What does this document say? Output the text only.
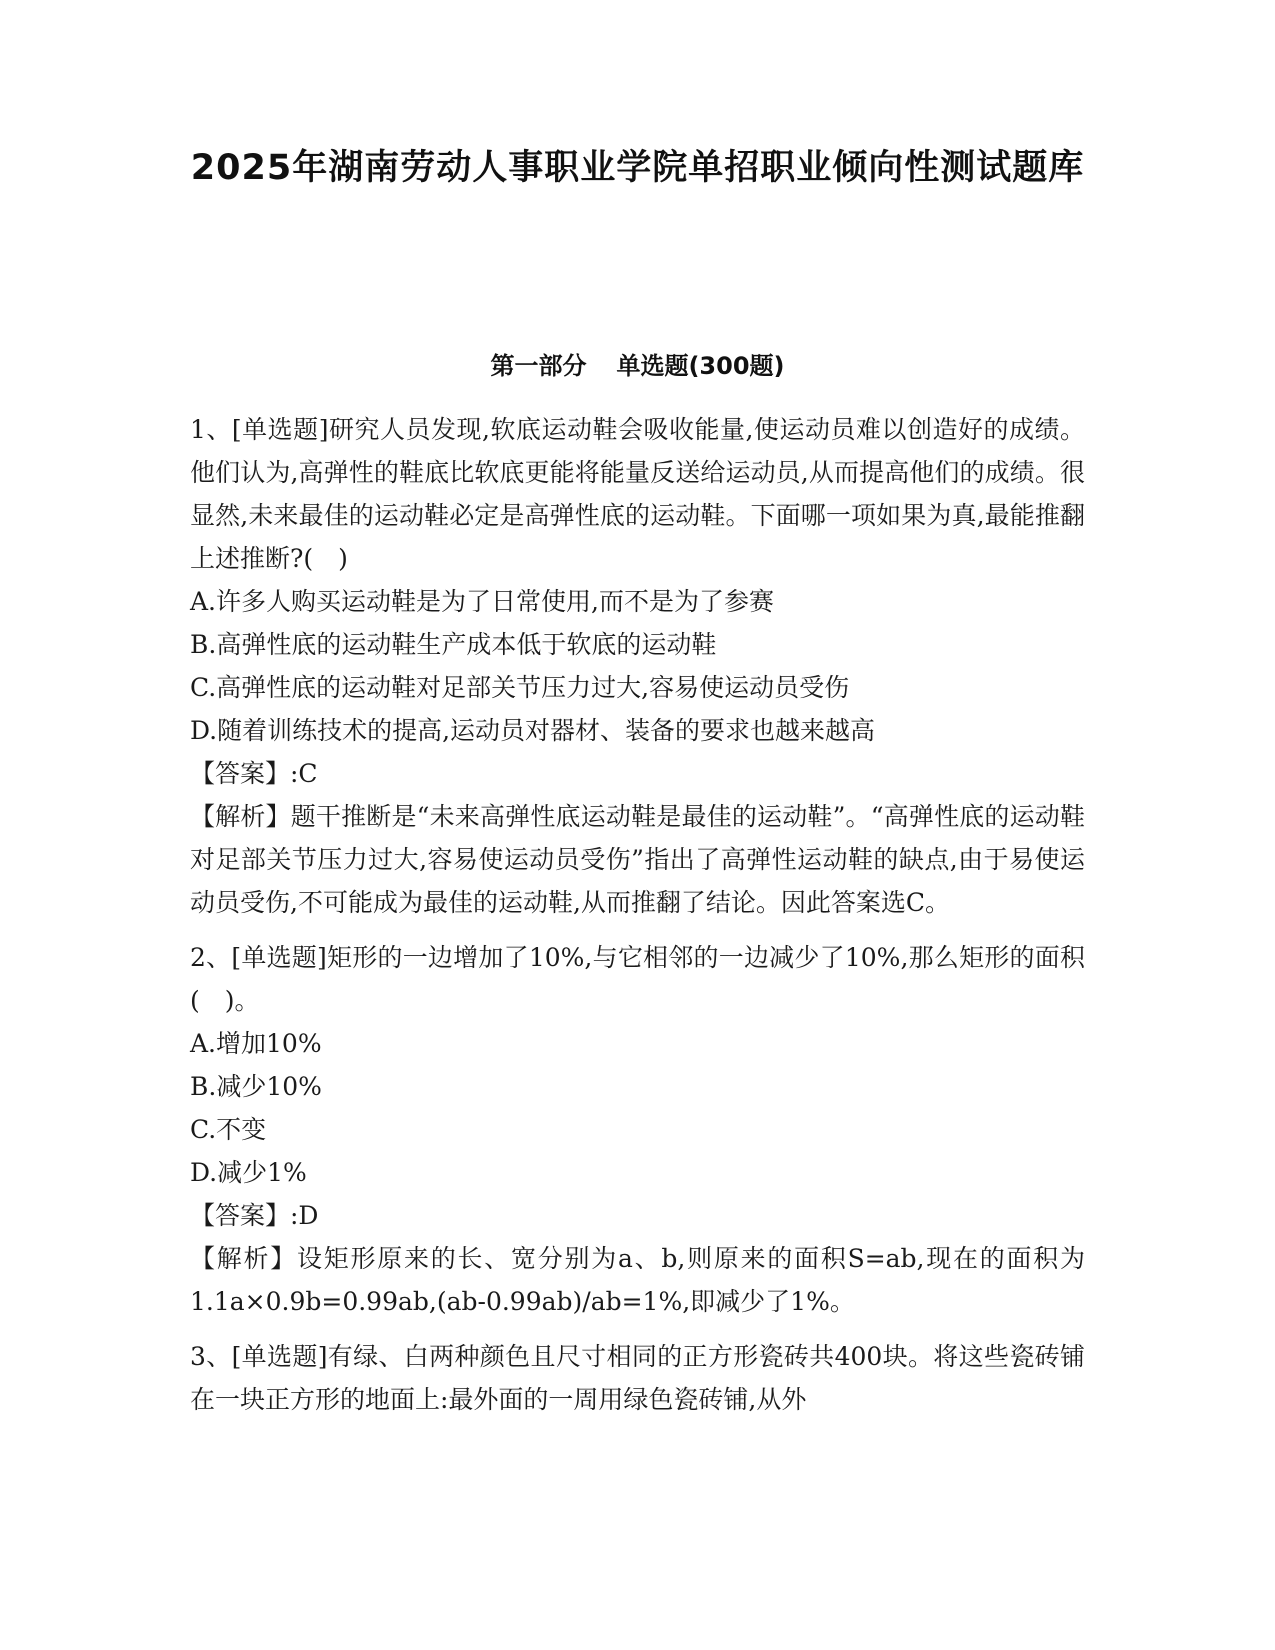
2025年湖南劳动人事职业学院单招职业倾向性测试题库
第一部分 单选题(300题)

1、[单选题]研究人员发现,软底运动鞋会吸收能量,使运动员难以创造好的成绩。他们认为,高弹性的鞋底比软底更能将能量反送给运动员,从而提高他们的成绩。很显然,未来最佳的运动鞋必定是高弹性底的运动鞋。下面哪一项如果为真,最能推翻上述推断?(　)

A.许多人购买运动鞋是为了日常使用,而不是为了参赛

B.高弹性底的运动鞋生产成本低于软底的运动鞋

C.高弹性底的运动鞋对足部关节压力过大,容易使运动员受伤

D.随着训练技术的提高,运动员对器材、装备的要求也越来越高

【答案】:C

【解析】题干推断是“未来高弹性底运动鞋是最佳的运动鞋”。“高弹性底的运动鞋对足部关节压力过大,容易使运动员受伤”指出了高弹性运动鞋的缺点,由于易使运动员受伤,不可能成为最佳的运动鞋,从而推翻了结论。因此答案选C。

2、[单选题]矩形的一边增加了10%,与它相邻的一边减少了10%,那么矩形的面积(　)。

A.增加10%

B.减少10%

C.不变

D.减少1%

【答案】:D

【解析】设矩形原来的长、宽分别为a、b,则原来的面积S=ab,现在的面积为1.1a×0.9b=0.99ab,(ab-0.99ab)/ab=1%,即减少了1%。

3、[单选题]有绿、白两种颜色且尺寸相同的正方形瓷砖共400块。将这些瓷砖铺在一块正方形的地面上:最外面的一周用绿色瓷砖铺,从外
